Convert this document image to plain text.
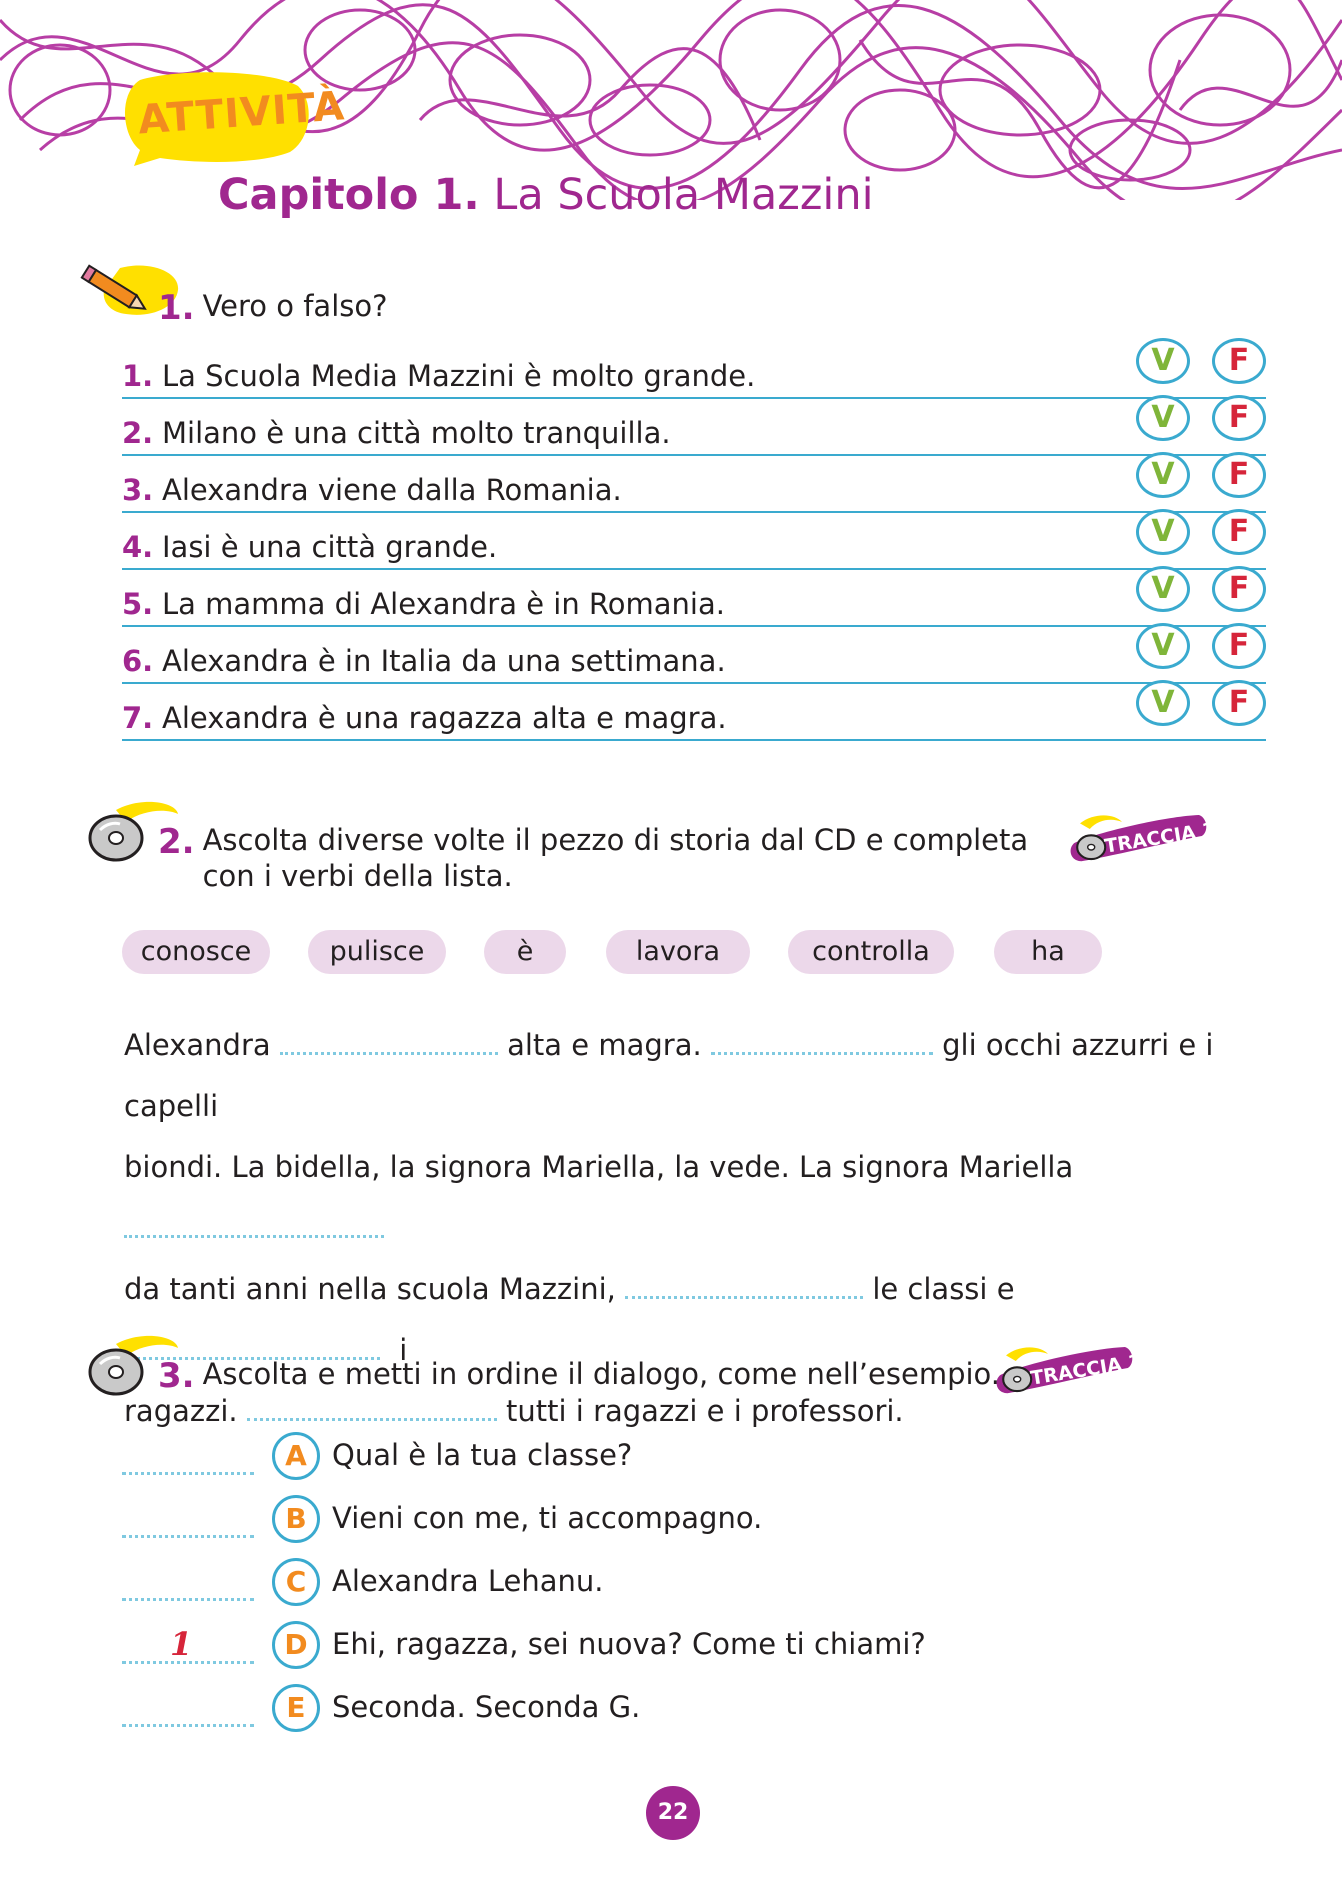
ATTIVITÀ
Capitolo 1. La Scuola Mazzini
1. Vero o falso?
1. La Scuola Media Mazzini è molto grande.	V	F
2. Milano è una città molto tranquilla.	V	F
3. Alexandra viene dalla Romania.	V	F
4. Iasi è una città grande.	V	F
5. La mamma di Alexandra è in Romania.	V	F
6. Alexandra è in Italia da una settimana.	V	F
7. Alexandra è una ragazza alta e magra.	V	F
2. Ascolta diverse volte il pezzo di storia dal CD e completa
con i verbi della lista.
TRACCIA 14
conosce	pulisce	è	lavora	controlla	ha
Alexandra	alta e magra.	gli occhi azzurri e i capelli
biondi. La bidella, la signora Mariella, la vede. La signora Mariella
da tanti anni nella scuola Mazzini,	le classi e  i
ragazzi.	tutti i ragazzi e i professori.
3. Ascolta e metti in ordine il dialogo, come nell’esempio. TRACCIA 15
A Qual è la tua classe?
B Vieni con me, ti accompagno.
C Alexandra Lehanu.
1	D Ehi, ragazza, sei nuova? Come ti chiami?
E Seconda. Seconda G.
22
